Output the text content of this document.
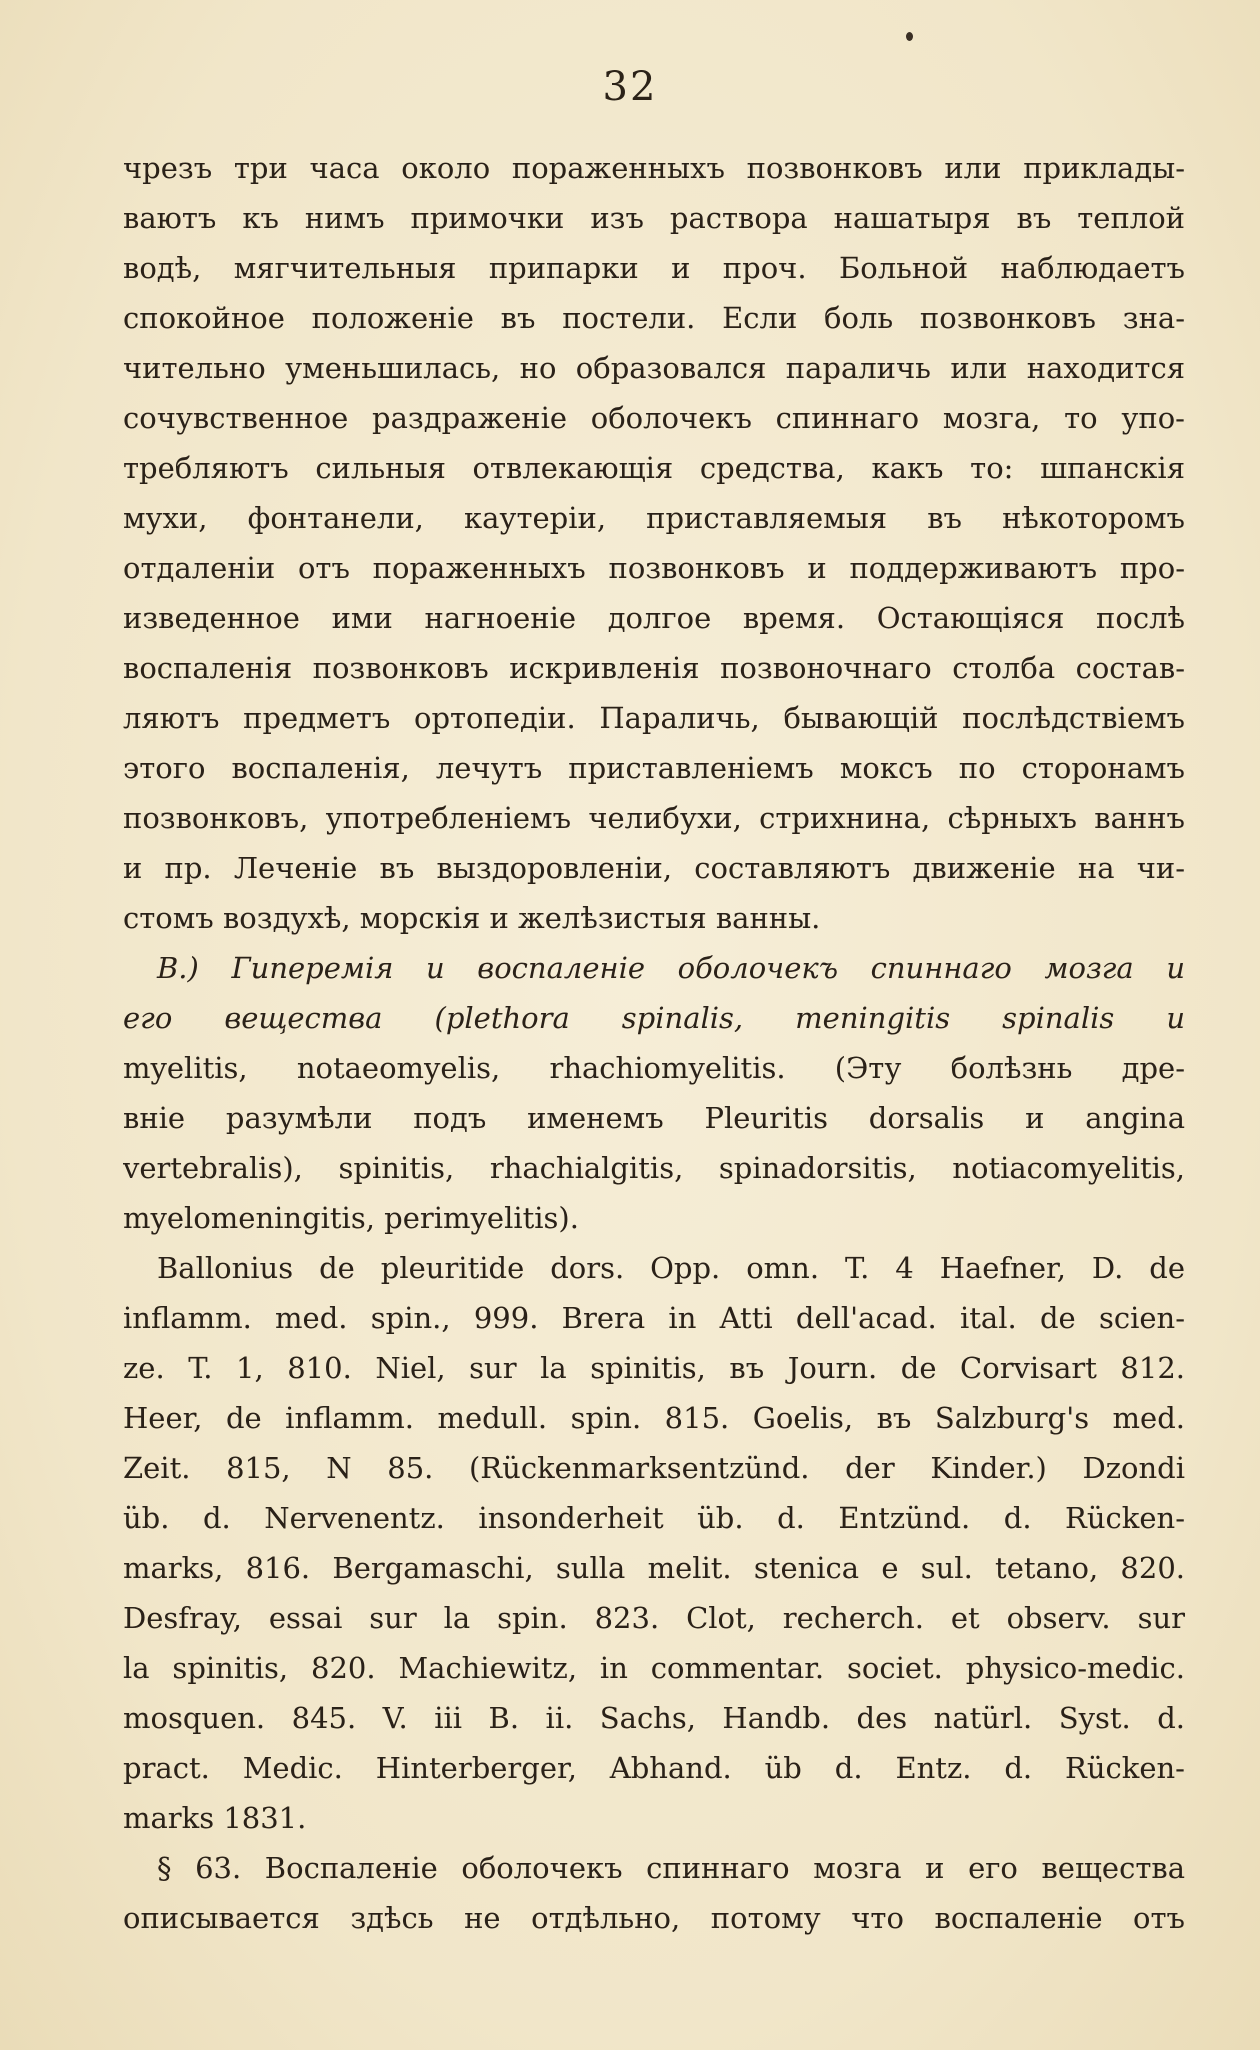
32
чрезъ три часа около пораженныхъ позвонковъ или приклады-
ваютъ къ нимъ примочки изъ раствора нашатыря въ теплой
водѣ, мягчительныя припарки и проч. Больной наблюдаетъ
спокойное положеніе въ постели. Если боль позвонковъ зна-
чительно уменьшилась, но образовался параличь или находится
сочувственное раздраженіе оболочекъ спиннаго мозга, то упо-
требляютъ сильныя отвлекающія средства, какъ то: шпанскія
мухи, фонтанели, каутеріи, приставляемыя въ нѣкоторомъ
отдаленіи отъ пораженныхъ позвонковъ и поддерживаютъ про-
изведенное ими нагноеніе долгое время. Остающіяся послѣ
воспаленія позвонковъ искривленія позвоночнаго столба состав-
ляютъ предметъ ортопедіи. Параличь, бывающій послѣдствіемъ
этого воспаленія, лечутъ приставленіемъ моксъ по сторонамъ
позвонковъ, употребленіемъ челибухи, стрихнина, сѣрныхъ ваннъ
и пр. Леченіе въ выздоровленіи, составляютъ движеніе на чи-
стомъ воздухѣ, морскія и желѣзистыя ванны.
В.) Гиперемія и воспаленіе оболочекъ спиннаго мозга и
его вещества (plethora spinalis, meningitis spinalis и
myelitis, notaeomyelis, rhachiomyelitis. (Эту болѣзнь дре-
вніе разумѣли подъ именемъ Pleuritis dorsalis и angina
vertebralis), spinitis, rhachialgitis, spinadorsitis, notiacomyelitis,
myelomeningitis, perimyelitis).
Ballonius de pleuritide dors. Opp. omn. T. 4 Haefner, D. de
inflamm. med. spin., 999. Brera in Atti dell'acad. ital. de scien-
ze. T. 1, 810. Niel, sur la spinitis, въ Journ. de Corvisart 812.
Heer, de inflamm. medull. spin. 815. Goelis, въ Salzburg's med.
Zeit. 815, N 85. (Rückenmarksentzünd. der Kinder.) Dzondi
üb. d. Nervenentz. insonderheit üb. d. Entzünd. d. Rücken-
marks, 816. Bergamaschi, sulla melit. stenica e sul. tetano, 820.
Desfray, essai sur la spin. 823. Clot, recherch. et observ. sur
la spinitis, 820. Machiewitz, in commentar. societ. physico-medic.
mosquen. 845. V. iii B. ii. Sachs, Handb. des natürl. Syst. d.
pract. Medic. Hinterberger, Abhand. üb d. Entz. d. Rücken-
marks 1831.
§ 63. Воспаленіе оболочекъ спиннаго мозга и его вещества
описывается здѣсь не отдѣльно, потому что воспаленіе отъ
